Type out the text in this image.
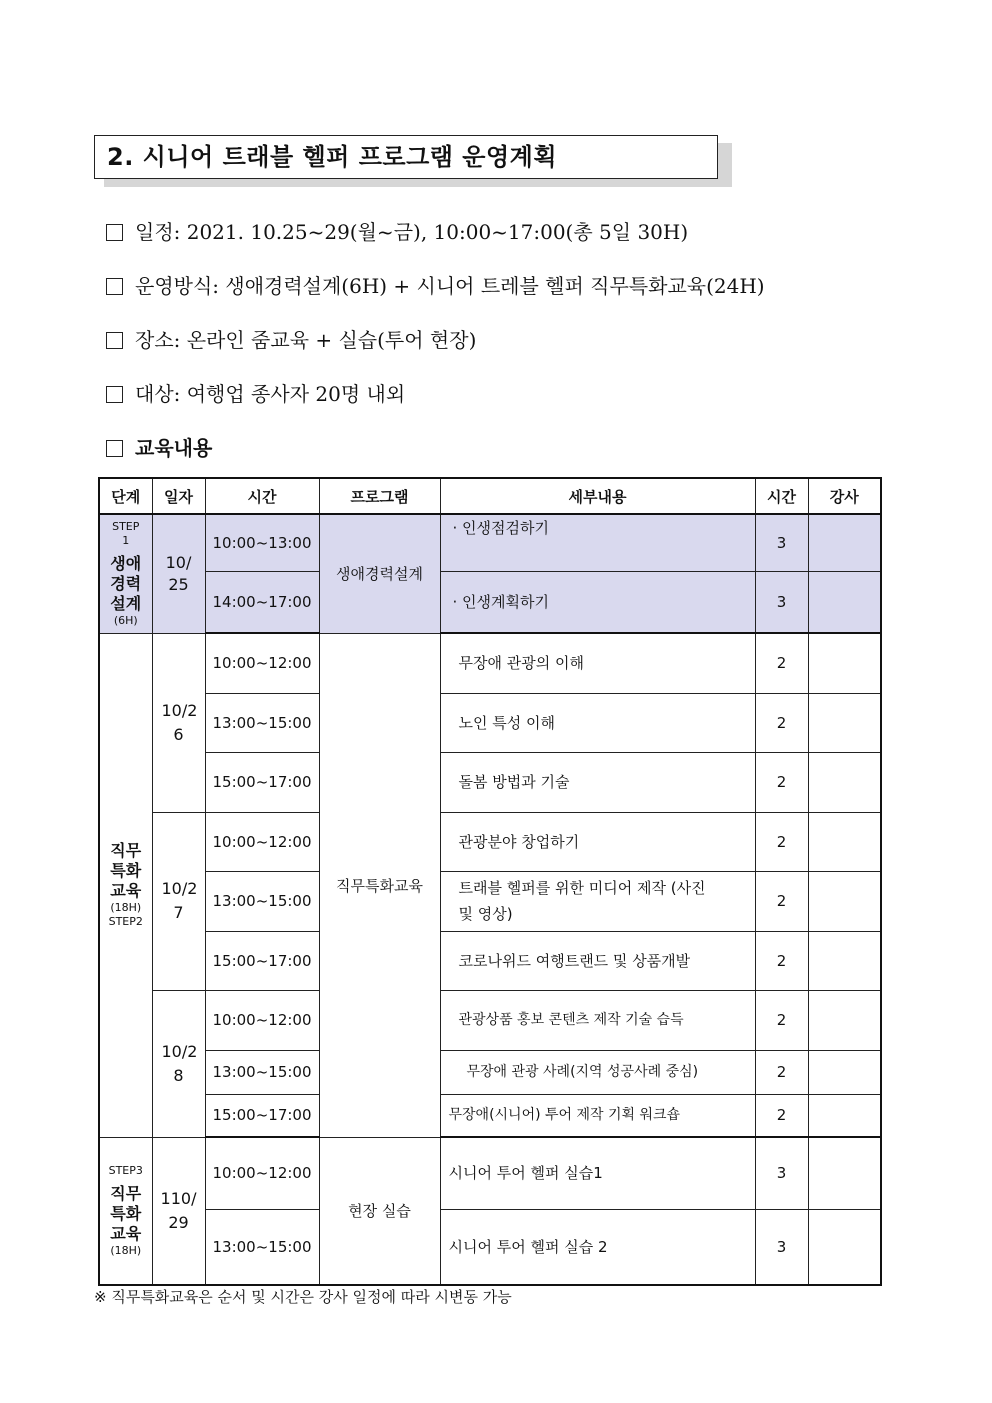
2. 시니어 트래블 헬퍼 프로그램 운영계획
일정: 2021. 10.25~29(월~금), 10:00~17:00(총 5일 30H)
운영방식: 생애경력설계(6H) + 시니어 트레블 헬퍼 직무특화교육(24H)
장소: 온라인 줌교육 + 실습(투어 현장)
대상: 여행업 종사자 20명 내외
교육내용
단계	일자	시간	프로그램	세부내용	시간	강사

STEP 1
생애 경력 설계
(6H)	10/ 25	10:00~13:00	생애경력설계	· 인생점검하기	3	
		14:00~17:00		· 인생계획하기	3	

직무 특화 교육
(18H)
STEP2	10/2 6	10:00~12:00	직무특화교육	무장애 관광의 이해	2	
		13:00~15:00		노인 특성 이해	2	
		15:00~17:00		돌봄 방법과 기술	2	

	10/2 7	10:00~12:00		관광분야 창업하기	2	
		13:00~15:00		트래블 헬퍼를 위한 미디어 제작 (사진 및 영상)	2	
		15:00~17:00		코로나위드 여행트랜드 및 상품개발	2	

	10/2 8	10:00~12:00		관광상품 홍보 콘텐츠 제작 기술 습득	2	
		13:00~15:00		무장애 관광 사례(지역 성공사례 중심)	2	
		15:00~17:00		무장애(시니어) 투어 제작 기획 워크숍	2	

STEP3
직무 특화 교육
(18H)	110/ 29	10:00~12:00	현장 실습	시니어 투어 헬퍼 실습1	3	
		13:00~15:00		시니어 투어 헬퍼 실습 2	3	
※ 직무특화교육은 순서 및 시간은 강사 일정에 따라 시변동 가능
